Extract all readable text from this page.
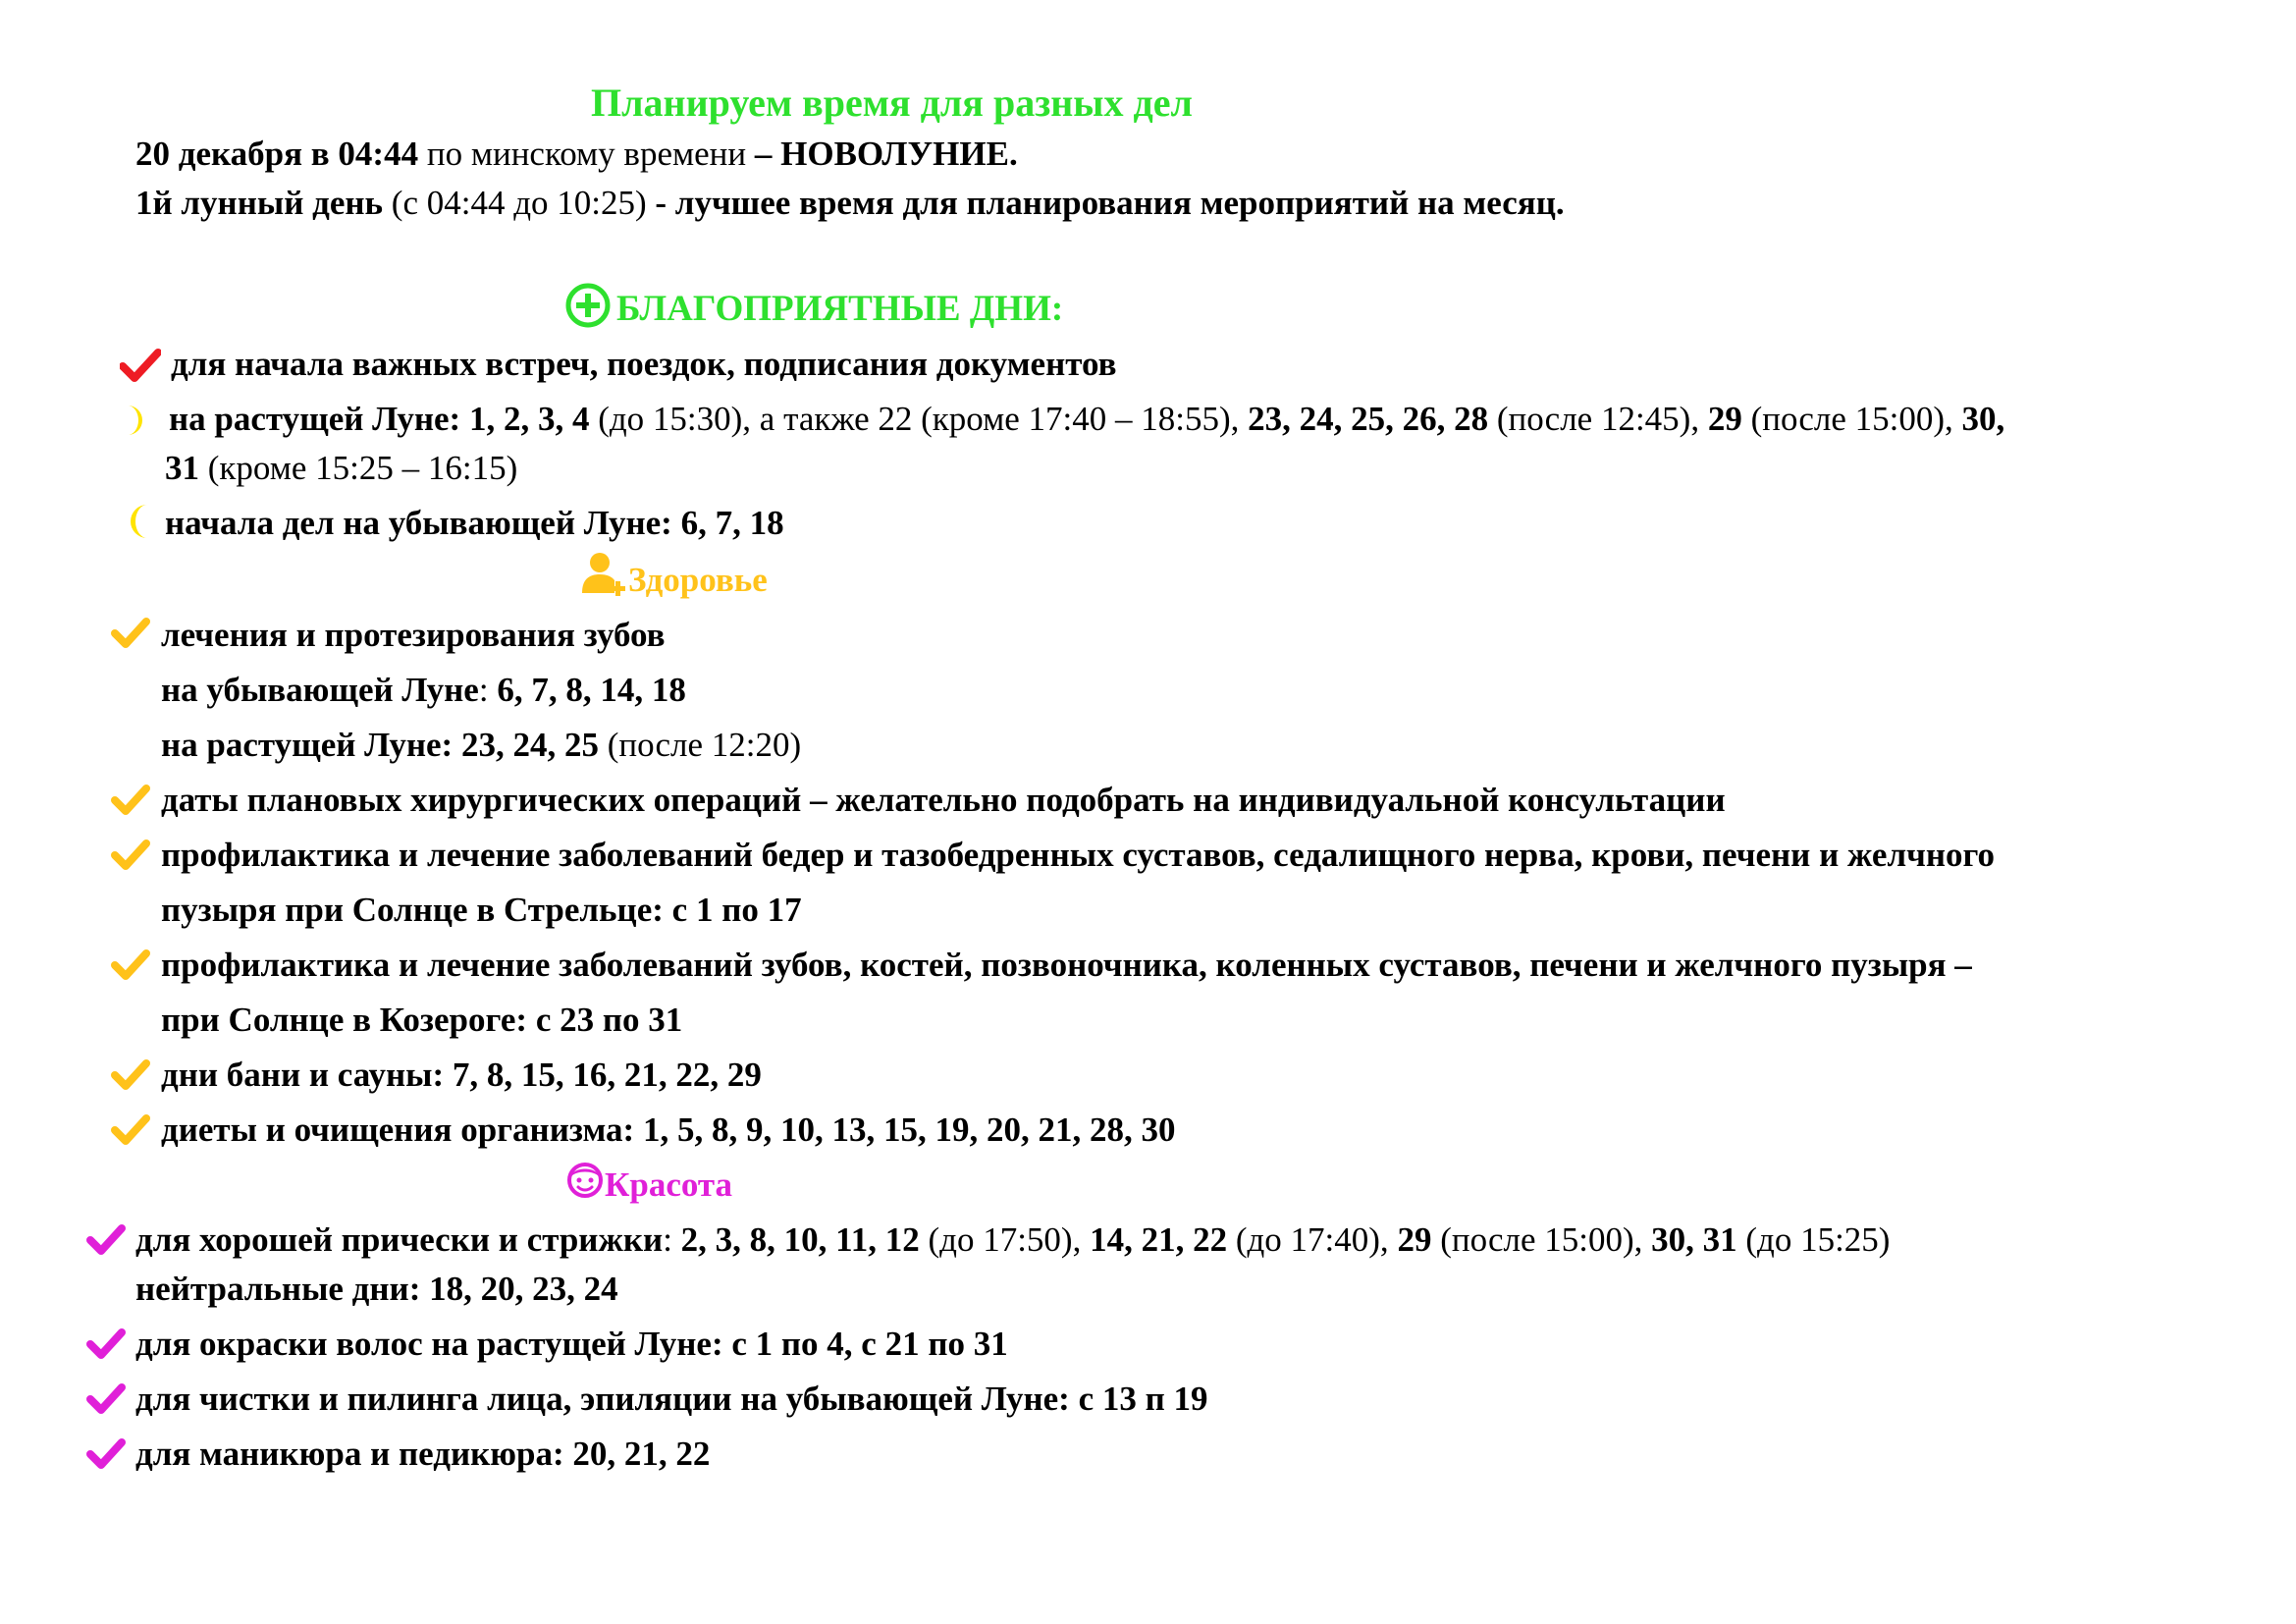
Планируем время для разных дел
20 декабря в 04:44 по минскому времени – НОВОЛУНИЕ.
1й лунный день (с 04:44 до 10:25) - лучшее время для планирования мероприятий на месяц.
БЛАГОПРИЯТНЫЕ ДНИ:
для начала важных встреч, поездок, подписания документов
на растущей Луне: 1, 2, 3, 4 (до 15:30), а также 22 (кроме 17:40 – 18:55), 23, 24, 25, 26, 28 (после 12:45), 29 (после 15:00), 30,
31 (кроме 15:25 – 16:15)
начала дел на убывающей Луне: 6, 7, 18
Здоровье
лечения и протезирования зубов
на убывающей Луне: 6, 7, 8, 14, 18
на растущей Луне: 23, 24, 25 (после 12:20)
даты плановых хирургических операций – желательно подобрать на индивидуальной консультации
профилактика и лечение заболеваний бедер и тазобедренных суставов, седалищного нерва, крови, печени и желчного
пузыря при Солнце в Стрельце: с 1 по 17
профилактика и лечение заболеваний зубов, костей, позвоночника, коленных суставов, печени и желчного пузыря –
при Солнце в Козероге: с 23 по 31
дни бани и сауны: 7, 8, 15, 16, 21, 22, 29
диеты и очищения организма: 1, 5, 8, 9, 10, 13, 15, 19, 20, 21, 28, 30
Красота
для хорошей прически и стрижки: 2, 3, 8, 10, 11, 12 (до 17:50), 14, 21, 22 (до 17:40), 29 (после 15:00), 30, 31 (до 15:25)
нейтральные дни: 18, 20, 23, 24
для окраски волос на растущей Луне: с 1 по 4, с 21 по 31
для чистки и пилинга лица, эпиляции на убывающей Луне: с 13 п 19
для маникюра и педикюра: 20, 21, 22
